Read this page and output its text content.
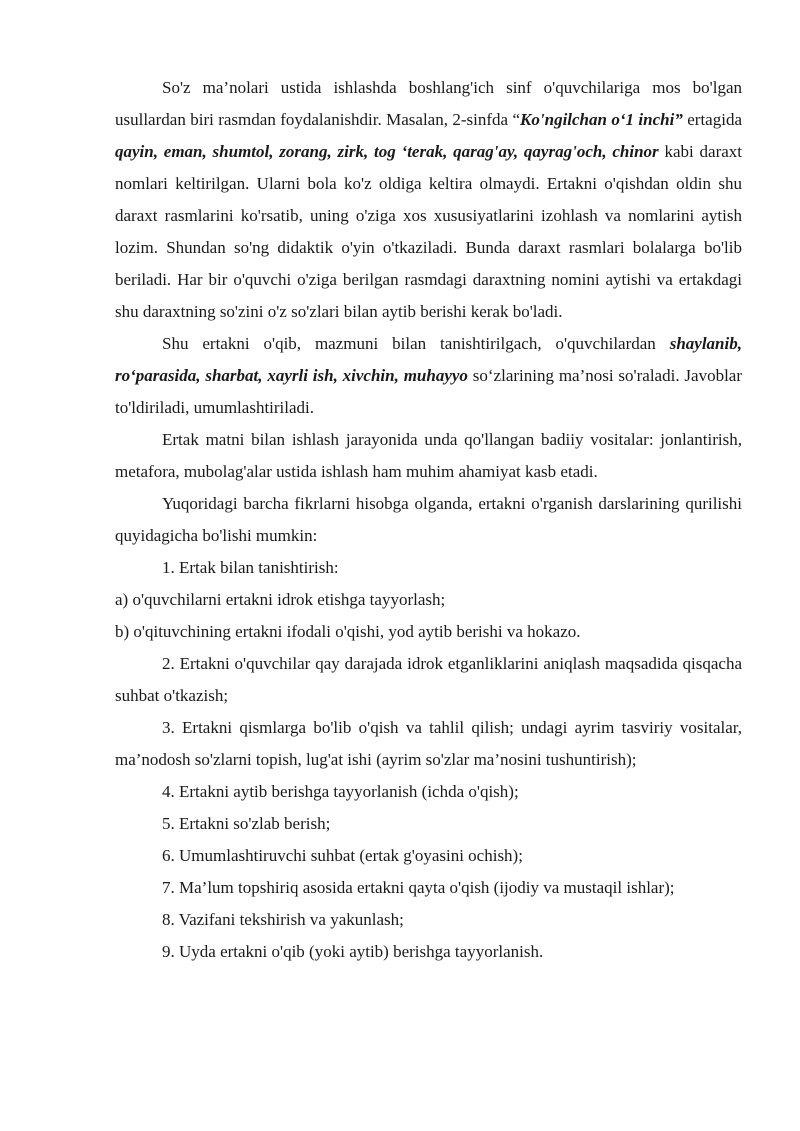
So'z ma’nolari ustida ishlashda boshlang'ich sinf o'quvchilariga mos bo'lgan usullardan biri rasmdan foydalanishdir. Masalan, 2-sinfda “Ko'ngilchan o‘1 inchi” ertagida qayin, eman, shumtol, zorang, zirk, tog ‘terak, qarag'ay, qayrag'och, chinor kabi daraxt nomlari keltirilgan. Ularni bola ko'z oldiga keltira olmaydi. Ertakni o'qishdan oldin shu daraxt rasmlarini ko'rsatib, uning o'ziga xos xususiyatlarini izohlash va nomlarini aytish lozim. Shundan so'ng didaktik o'yin o'tkaziladi. Bunda daraxt rasmlari bolalarga bo'lib beriladi. Har bir o'quvchi o'ziga berilgan rasmdagi daraxtning nomini aytishi va ertakdagi shu daraxtning so'zini o'z so'zlari bilan aytib berishi kerak bo'ladi.

Shu ertakni o'qib, mazmuni bilan tanishtirilgach, o'quvchilardan shaylanib, ro‘parasida, sharbat, xayrli ish, xivchin, muhayyo so‘zlarining ma’nosi so'raladi. Javoblar to'ldiriladi, umumlashtiriladi.

Ertak matni bilan ishlash jarayonida unda qo'llangan badiiy vositalar: jonlantirish, metafora, mubolag'alar ustida ishlash ham muhim ahamiyat kasb etadi.

Yuqoridagi barcha fikrlarni hisobga olganda, ertakni o'rganish darslarining qurilishi quyidagicha bo'lishi mumkin:

1. Ertak bilan tanishtirish:

a) o'quvchilarni ertakni idrok etishga tayyorlash;

b) o'qituvchining ertakni ifodali o'qishi, yod aytib berishi va hokazo.

2. Ertakni o'quvchilar qay darajada idrok etganliklarini aniqlash maqsadida qisqacha suhbat o'tkazish;

3. Ertakni qismlarga bo'lib o'qish va tahlil qilish; undagi ayrim tasviriy vositalar, ma’nodosh so'zlarni topish, lug'at ishi (ayrim so'zlar ma’nosini tushuntirish);

4. Ertakni aytib berishga tayyorlanish (ichda o'qish);

5. Ertakni so'zlab berish;

6. Umumlashtiruvchi suhbat (ertak g'oyasini ochish);

7. Ma’lum topshiriq asosida ertakni qayta o'qish (ijodiy va mustaqil ishlar);

8. Vazifani tekshirish va yakunlash;

9. Uyda ertakni o'qib (yoki aytib) berishga tayyorlanish.
